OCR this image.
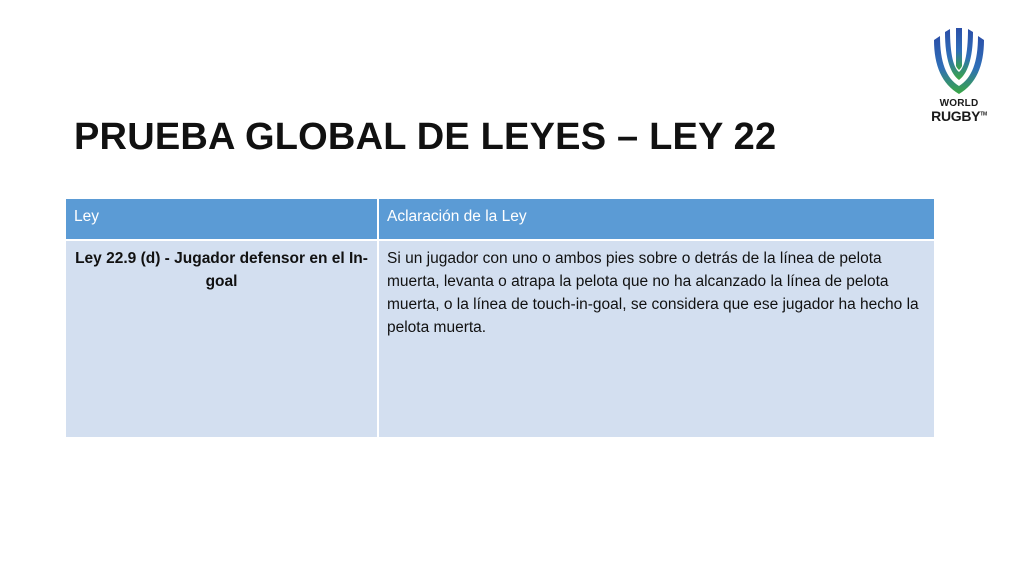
PRUEBA GLOBAL DE LEYES – LEY 22
WORLD
RUGBY™
Ley	Aclaración de la Ley
Ley 22.9 (d) - Jugador defensor en el In-goal	Si un jugador con uno o ambos pies sobre o detrás de la línea de pelota muerta, levanta o atrapa la pelota que no ha alcanzado la línea de pelota muerta, o la línea de touch-in-goal, se considera que ese jugador ha hecho la pelota muerta.
